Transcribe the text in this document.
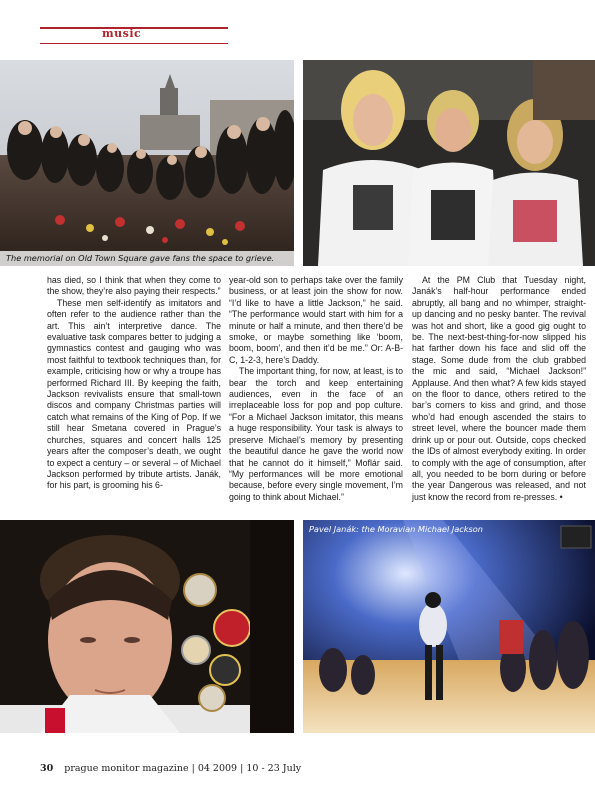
music
The memorial on Old Town Square gave fans the space to grieve.

has died, so I think that when they come to the show, they’re also paying their respects.”

These men self-identify as imitators and often refer to the audience rather than the art. This ain’t interpretive dance. The evaluative task compares better to judging a gymnastics contest and gauging who was most faithful to textbook techniques than, for example, criticising how or why a troupe has performed Richard III. By keeping the faith, Jackson revivalists ensure that small-town discos and company Christmas parties will catch what remains of the King of Pop. If we still hear Smetana covered in Prague’s churches, squares and concert halls 125 years after the composer’s death, we ought to expect a century – or several – of Michael Jackson performed by tribute artists. Janák, for his part, is grooming his 6-

year-old son to perhaps take over the family business, or at least join the show for now. “I’d like to have a little Jackson,” he said. “The performance would start with him for a minute or half a minute, and then there’d be smoke, or maybe something like ‘boom, boom, boom’, and then it’d be me.” Or: A-B-C, 1-2-3, here’s Daddy.

The important thing, for now, at least, is to bear the torch and keep entertaining audiences, even in the face of an irreplaceable loss for pop and pop culture. “For a Michael Jackson imitator, this means a huge responsibility. Your task is always to preserve Michael’s memory by presenting the beautiful dance he gave the world now that he cannot do it himself,” Moflár said. “My performances will be more emotional because, before every single movement, I’m going to think about Michael.”

At the PM Club that Tuesday night, Janák’s half-hour performance ended abruptly, all bang and no whimper, straight-up dancing and no pesky banter. The revival was hot and short, like a good gig ought to be. The next-best-thing-for-now slipped his hat farther down his face and slid off the stage. Some dude from the club grabbed the mic and said, “Michael Jackson!” Applause. And then what? A few kids stayed on the floor to dance, others retired to the bar’s corners to kiss and grind, and those who’d had enough ascended the stairs to street level, where the bouncer made them drink up or pour out. Outside, cops checked the IDs of almost everybody exiting. In order to comply with the age of consumption, after all, you needed to be born during or before the year Dangerous was released, and not just know the record from re-presses. •

Pavel Janák: the Moravian Michael Jackson
30 prague monitor magazine | 04 2009 | 10 - 23 July
